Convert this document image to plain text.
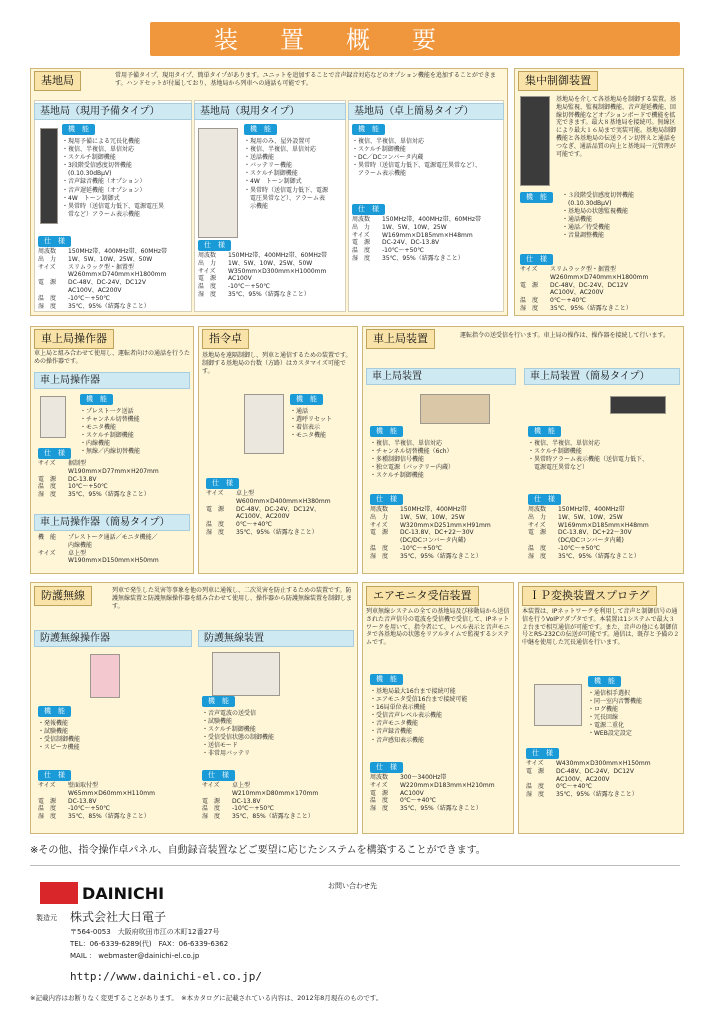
装置概要
基地局	常用予備タイプ、現用タイプ、簡単タイプがあります。ユニットを追加することで音声録音対応などのオプション機能を追加することができます。ハンドセットが付属しており、基地局から列車への通話も可能です。
基地局（現用予備タイプ）
機　能
・現用予備による冗長化機能
・複信、半複信、単信対応
・スケルチ制御機能
・3段階受信感度切替機能
　(0.10.30dBμV)
・音声録音機能（オプション）
・音声遅延機能（オプション）
・4W　トーン制御式
・異常時（送信電力低下、電源電圧異
　常など）アラーム表示機能
仕　様
周波数 150MHz帯、400MHz帯、60MHz帯
出　力 1W、5W、10W、25W、50W
サイズ スリムラック型・据置型
W260mm×D740mm×H1800mm
電　源 DC-48V、DC-24V、DC12V
AC100V、AC200V
温　度 -10℃～+50℃
湿　度 35℃、95%（結露なきこと）
基地局（現用タイプ）
機　能
・現用のみ、屋外設置可
・複信、半複信、単信対応
・送話機能
・バッテリー機能
・スケルチ制御機能
・4W　トーン制御式
・異常時（送信電力低下、電源
　電圧異常など）、アラーム表
　示機能
仕　様
周波数 150MHz帯、400MHz帯、60MHz帯
出　力 1W、5W、10W、25W、50W
サイズ W350mm×D300mm×H1000mm
電　源 AC100V
温　度 -10℃～+50℃
湿　度 35℃、95%（結露なきこと）
基地局（卓上簡易タイプ）
機　能
・複信、半複信、単信対応
・スケルチ制御機能
・DC／DCコンバータ内蔵
・異常時（送信電力低下、電源電圧異常など）、
　アラーム表示機能
仕　様
周波数 150MHz帯、400MHz帯、60MHz帯
出　力 1W、5W、10W、25W
サイズ W169mm×D185mm×H48mm
電　源 DC-24V、DC-13.8V
温　度 -10℃～+50℃
湿　度 35℃、95%（結露なきこと）
集中制御装置
基地局を介して各基地局を制御する装置。基地局監視、監視制御機能、音声遅延機能、回線切替機能などオプションボードで機能を拡充できます。最大８基地局を接続可。無線区により最大１６局まで実装可能。基地局制御機能と各基地局の伝送ライン切替えと通話をつなぎ、通話品質の向上と基地局一元管理が可能です。
機　能	・３段階受信感度切替機能
　(0.10.30dBμV)
・基地局の状態監視機能
・通話機能
・通話／待受機能
・音量調整機能
仕　様
サイズ スリムラック型・据置型
W260mm×D740mm×H1800mm
電　源 DC-48V、DC-24V、DC12V
AC100V、AC200V
温　度 0℃～+40℃
湿　度 35℃、95%（結露なきこと）
車上局操作器
車上局と組み合わせて使用し、運転者向けの通話を行うための操作器です。
車上局操作器
機　能
・プレスト一ク送話
・チャンネル切替機能
・モニタ機能
・スケルチ制御機能
・内線機能
・無線／内線切替機能
仕　様
サイズ 据制型
W190mm×D77mm×H207mm
電　源 DC-13.8V
温　度 10℃～+50℃
湿　度 35℃、95%（結露なきこと）
車上局操作器（簡易タイプ）
機　能 プレストーク通話／モニタ機能／
内線機能
サイズ 卓上型
W190mm×D150mm×H50mm
指令卓
基地局を遠隔制御し、列車と通信するための装置です。制御する基地局の台数（方路）はカスタマイズ可能です。
機　能
・通話
・選呼リセット
・着信表示
・モニタ機能
仕　様
サイズ 卓上型
W600mm×D400mm×H380mm
電　源 DC-48V、DC-24V、DC12V、
AC100V、AC200V
温　度 0℃～+40℃
湿　度 35℃、95%（結露なきこと）
車上局装置	運転指令の送受信を行います。車上局の操作は、操作器を接続して行います。
車上局装置	車上局装置（簡易タイプ）
機　能
・複信、半複信、単信対応
・チャンネル切替機能（6ch）
・多種制御信号機能
・独立電源（バッテリー内蔵）
・スケルチ制御機能
機　能
・複信、半複信、単信対応
・スケルチ制御機能
・異常時アラーム表示機能（送信電力低下、
　電源電圧異常など）
仕　様
周波数 150MHz帯、400MHz帯
出　力 1W、5W、10W、25W
サイズ W320mm×D251mm×H91mm
電　源 DC-13.8V、DC+22～30V
(DC/DCコンバータ内蔵)
温　度 -10℃～+50℃
湿　度 35℃、95%（結露なきこと）
仕　様
周波数 150MHz帯、400MHz帯
出　力 1W、5W、10W、25W
サイズ W169mm×D185mm×H48mm
電　源 DC-13.8V、DC+22～30V
(DC/DCコンバータ内蔵)
温　度 -10℃～+50℃
湿　度 35℃、95%（結露なきこと）
防護無線	列車で発生した災害等事象を他の列車に通報し、二次災害を防止するための装置です。防護無線装置と防護無線操作器を組み合わせて使用し、操作器から防護無線装置を制御します。
防護無線操作器	防護無線装置
機　能
・発報機能
・試験機能
・受信制御機能
・スピーカ機能
機　能
・音声電波の送受信
・試験機能
・スケルチ制御機能
・受信受信状態の制御機能
・送信モード
・非常用バッテリ
仕　様
サイズ 壁面取付型
W65mm×D60mm×H110mm
電　源 DC-13.8V
温　度 -10℃～+50℃
湿　度 35℃、85%（結露なきこと）
仕　様
サイズ 卓上型
W210mm×D80mm×170mm
電　源 DC-13.8V
温　度 -10℃～+50℃
湿　度 35℃、85%（結露なきこと）
エアモニタ受信装置
列車無線システムの全ての基地局及び移動局から送信された音声信号の電波を受信機で受信して、IPネットワークを用いて、指令者にて、レベル表示と音声モニタで各基地局の状態をリアルタイムで監視するシステムです。
機　能
・基地局最大16台まで接続可能
・エアモニタ受信16台まで接続可能
・16局単位表示機能
・受信音声レベル表示機能
・音声モニタ機能
・音声録音機能
・音声感知表示機能
仕　様
周波数 300～3400Hz帯
サイズ W220mm×D183mm×H210mm
電　源 AC100V
温　度 0℃～+40℃
湿　度 35℃、95%（結露なきこと）
ＩＰ変換装置スプロテグ
本装置は、IPネットワークを利用して音声と制御信号の通信を行うVoIPアダプタです。本装置は1システムで最大３２台まで相互通信が可能です。また、音声の他にも制御信号とRS-232Cの伝送が可能です。通信は、既存と予備の２中継を使用した冗長通信を行います。
機　能
・通信相手選択
・同一室内音響機能
・ログ機能
・冗長回線
・電源二重化
・WEB設定設定
仕　様
サイズ W430mm×D300mm×H150mm
電　源 DC-48V、DC-24V、DC12V
AC100V、AC200V
温　度 0℃～+40℃
湿　度 35℃、95%（結露なきこと）
※その他、指令操作卓パネル、自動録音装置などご要望に応じたシステムを構築することができます。
DAINICHI
製造元 株式会社大日電子
〒564-0053　大阪府吹田市江の木町12番27号
TEL：06-6339-6289(代)　FAX：06-6339-6362
MAIL ： webmaster@dainichi-el.co.jp
http://www.dainichi-el.co.jp/
お問い合わせ先
※記載内容はお断りなく変更することがあります。　※本カタログに記載されている内容は、2012年8月現在のものです。
